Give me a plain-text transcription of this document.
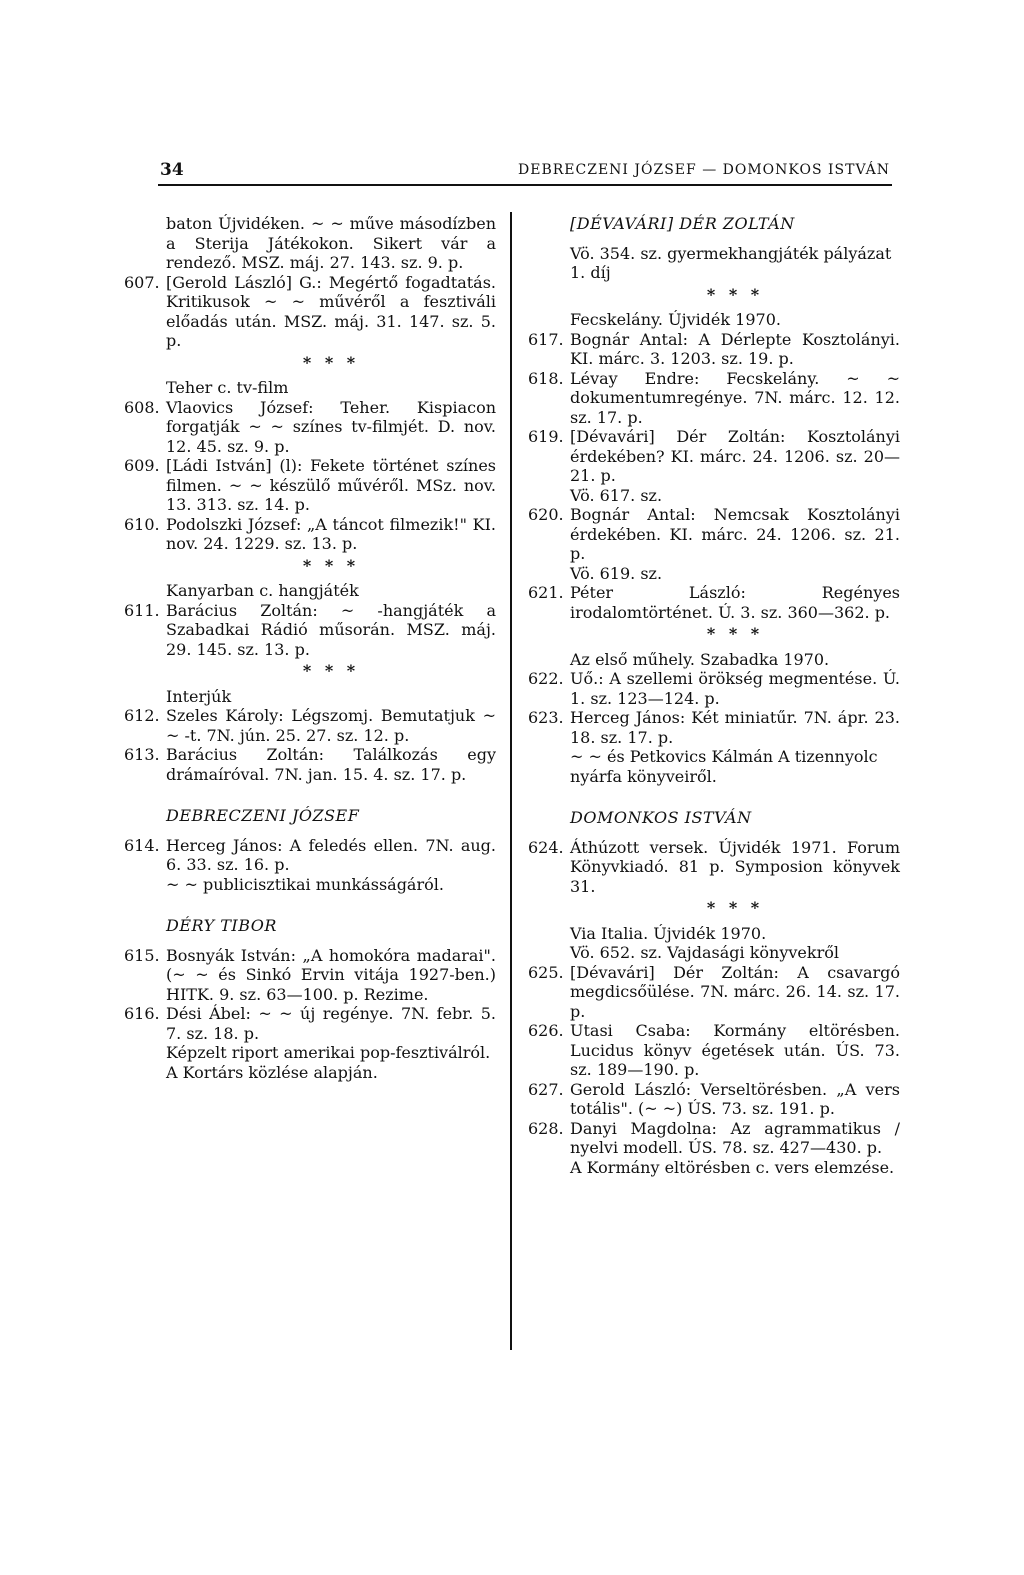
34	DEBRECZENI JÓZSEF — DOMONKOS ISTVÁN

baton Újvidéken. ~ ~ műve másodízben a Sterija Játékokon. Sikert vár a rendező. MSZ. máj. 27. 143. sz. 9. p.

607. [Gerold László] G.: Megértő fogadtatás. Kritikusok ~ ~ művéről a fesztiváli előadás után. MSZ. máj. 31. 147. sz. 5. p.
* * *

Teher c. tv-film

608. Vlaovics József: Teher. Kispiacon forgatják ~ ~ színes tv-filmjét. D. nov. 12. 45. sz. 9. p.
609. [Ládi István] (l): Fekete történet színes filmen. ~ ~ készülő művéről. MSz. nov. 13. 313. sz. 14. p.
610. Podolszki József: „A táncot filmezik!" KI. nov. 24. 1229. sz. 13. p.
* * *

Kanyarban c. hangjáték

611. Barácius Zoltán: ~ -hangjáték a Szabadkai Rádió műsorán. MSZ. máj. 29. 145. sz. 13. p.
* * *

Interjúk

612. Szeles Károly: Légszomj. Bemutatjuk ~ ~ -t. 7N. jún. 25. 27. sz. 12. p.
613. Barácius Zoltán: Találkozás egy drámaíróval. 7N. jan. 15. 4. sz. 17. p.
DEBRECZENI JÓZSEF
614. Herceg János: A feledés ellen. 7N. aug. 6. 33. sz. 16. p.

~ ~ publicisztikai munkásságáról.

DÉRY TIBOR
615. Bosnyák István: „A homokóra madarai". (~ ~ és Sinkó Ervin vitája 1927-ben.) HITK. 9. sz. 63—100. p. Rezime.
616. Dési Ábel: ~ ~ új regénye. 7N. febr. 5. 7. sz. 18. p.

Képzelt riport amerikai pop-fesztiválról. A Kortárs közlése alapján.

[DÉVAVÁRI] DÉR ZOLTÁN

Vö. 354. sz. gyermekhangjáték pályázat 1. díj

* * *

Fecskelány. Újvidék 1970.

617. Bognár Antal: A Dérlepte Kosztolányi. KI. márc. 3. 1203. sz. 19. p.
618. Lévay Endre: Fecskelány. ~ ~ dokumentumregénye. 7N. márc. 12. 12. sz. 17. p.
619. [Dévavári] Dér Zoltán: Kosztolányi érdekében? KI. márc. 24. 1206. sz. 20—21. p.

Vö. 617. sz.

620. Bognár Antal: Nemcsak Kosztolányi érdekében. KI. márc. 24. 1206. sz. 21. p.

Vö. 619. sz.

621. Péter László: Regényes irodalomtörténet. Ú. 3. sz. 360—362. p.
* * *

Az első műhely. Szabadka 1970.

622. Uő.: A szellemi örökség megmentése. Ú. 1. sz. 123—124. p.
623. Herceg János: Két miniatűr. 7N. ápr. 23. 18. sz. 17. p.

~ ~ és Petkovics Kálmán A tizennyolc nyárfa könyveiről.

DOMONKOS ISTVÁN
624. Áthúzott versek. Újvidék 1971. Forum Könyvkiadó. 81 p. Symposion könyvek 31.
* * *

Via Italia. Újvidék 1970.

Vö. 652. sz. Vajdasági könyvekről

625. [Dévavári] Dér Zoltán: A csavargó megdicsőülése. 7N. márc. 26. 14. sz. 17. p.
626. Utasi Csaba: Kormány eltörésben. Lucidus könyv égetések után. ÚS. 73. sz. 189—190. p.
627. Gerold László: Verseltörésben. „A vers totális". (~ ~) ÚS. 73. sz. 191. p.
628. Danyi Magdolna: Az agrammatikus / nyelvi modell. ÚS. 78. sz. 427—430. p.

A Kormány eltörésben c. vers elemzése.
